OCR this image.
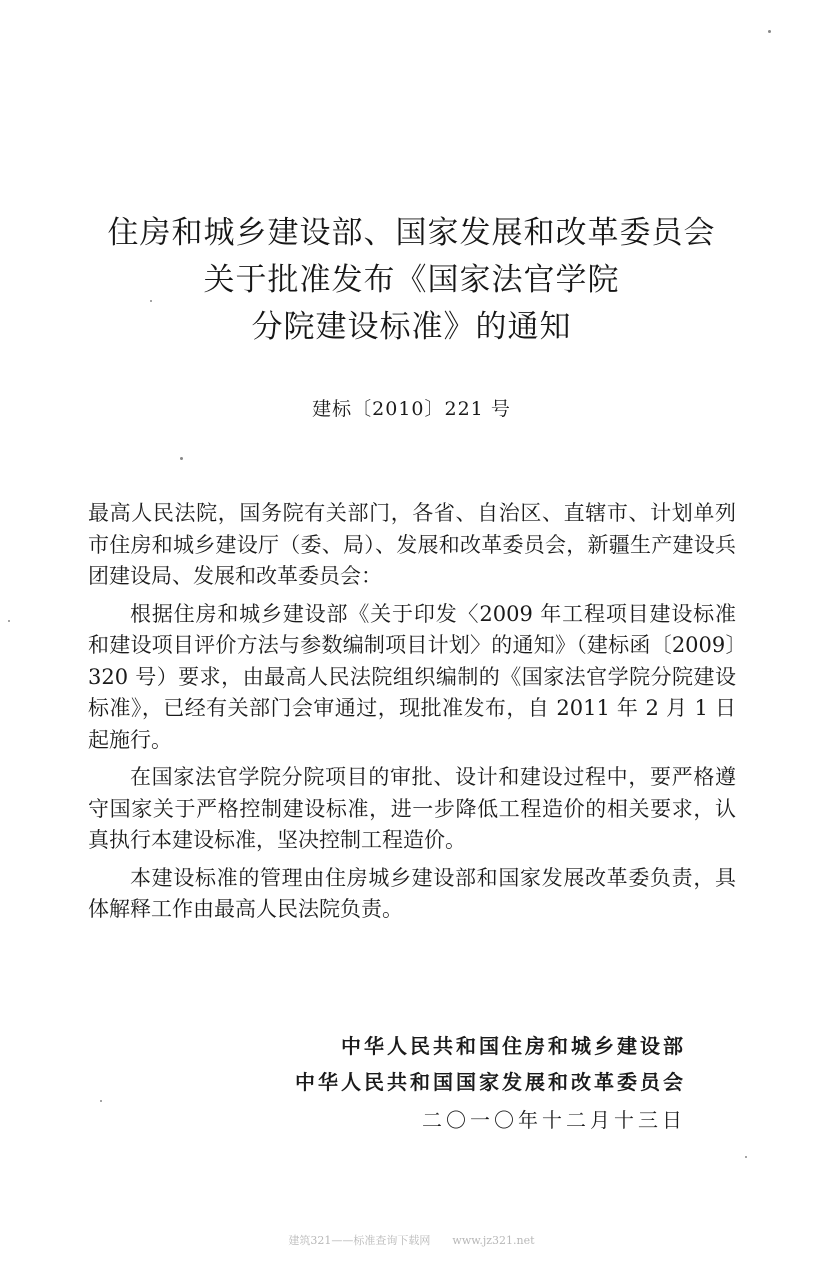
住房和城乡建设部、国家发展和改革委员会
关于批准发布《国家法官学院
分院建设标准》的通知
建标〔2010〕221 号

最高人民法院，国务院有关部门，各省、自治区、直辖市、计划单列市住房和城乡建设厅（委、局）、发展和改革委员会，新疆生产建设兵团建设局、发展和改革委员会：

根据住房和城乡建设部《关于印发〈2009 年工程项目建设标准和建设项目评价方法与参数编制项目计划〉的通知》（建标函〔2009〕320 号）要求，由最高人民法院组织编制的《国家法官学院分院建设标准》，已经有关部门会审通过，现批准发布，自 2011 年 2 月 1 日起施行。

在国家法官学院分院项目的审批、设计和建设过程中，要严格遵守国家关于严格控制建设标准，进一步降低工程造价的相关要求，认真执行本建设标准，坚决控制工程造价。

本建设标准的管理由住房城乡建设部和国家发展改革委负责，具体解释工作由最高人民法院负责。

中华人民共和国住房和城乡建设部
中华人民共和国国家发展和改革委员会
二〇一〇年十二月十三日
建筑321——标准查询下载网　　www.jz321.net
